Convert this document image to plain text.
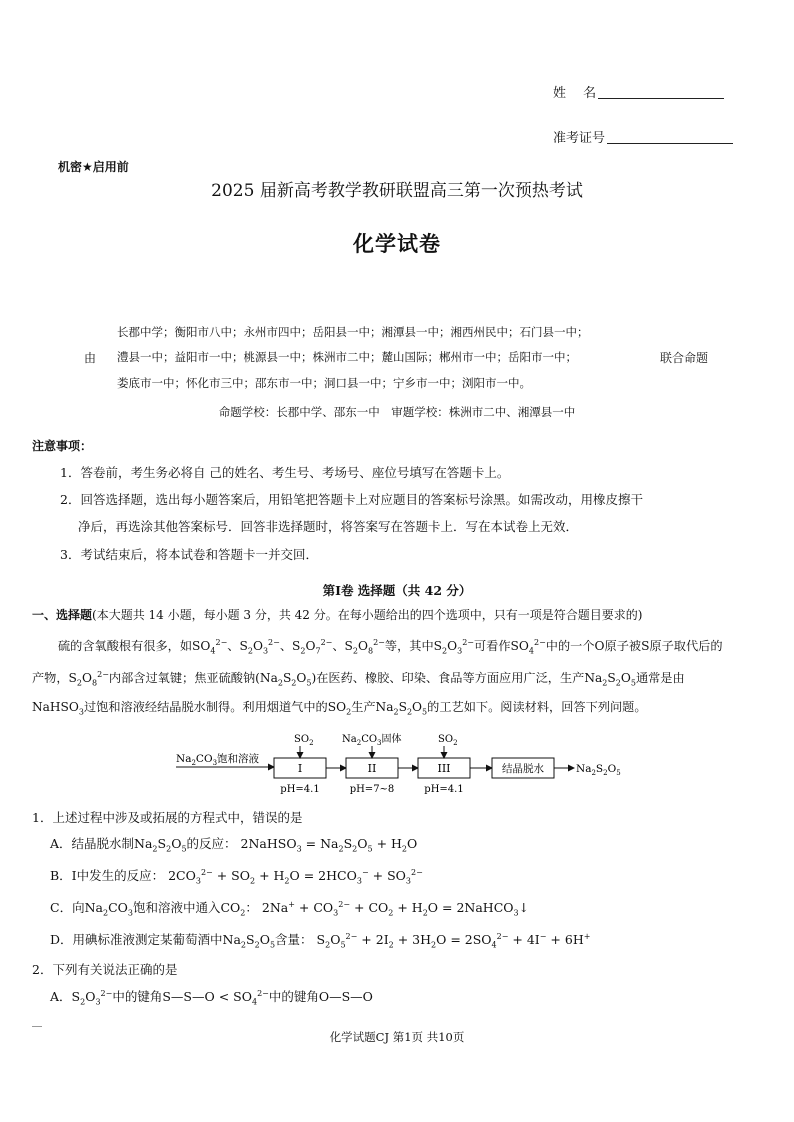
姓　 名
准考证号
机密★启用前
2025 届新高考教学教研联盟高三第一次预热考试
化学试卷
长郡中学；衡阳市八中；永州市四中；岳阳县一中；湘潭县一中；湘西州民中；石门县一中；
由 澧县一中；益阳市一中；桃源县一中；株洲市二中；麓山国际；郴州市一中；岳阳市一中；	联合命题
娄底市一中；怀化市三中；邵东市一中；洞口县一中；宁乡市一中；浏阳市一中。
命题学校：长郡中学、邵东一中　审题学校：株洲市二中、湘潭县一中
注意事项：
1．答卷前，考生务必将自 己的姓名、考生号、考场号、座位号填写在答题卡上。
2．回答选择题，选出每小题答案后，用铅笔把答题卡上对应题目的答案标号涂黑。如需改动，用橡皮擦干
净后，再选涂其他答案标号．回答非选择题时，将答案写在答题卡上．写在本试卷上无效．
3．考试结束后，将本试卷和答题卡一并交回．
第Ⅰ卷 选择题（共 42 分）
一、选择题(本大题共 14 小题，每小题 3 分，共 42 分。在每小题给出的四个选项中，只有一项是符合题目要求的)
硫的含氧酸根有很多，如$SO_4^{2-}$、$S_2O_3^{2-}$、$S_2O_7^{2-}$、$S_2O_8^{2-}$等，其中$S_2O_3^{2-}$可看作$SO_4^{2-}$中的一个O原子被S原子取代后的
产物，$S_2O_8^{2-}$内部含过氧键；焦亚硫酸钠$(Na_2S_2O_5)$在医药、橡胶、印染、食品等方面应用广泛，生产$Na_2S_2O_5$通常是由
NaHSO$_3$过饱和溶液经结晶脱水制得。利用烟道气中的$SO_2$生产$Na_2S_2O_5$的工艺如下。阅读材料，回答下列问题。
$Na_2CO_3$饱和溶液
I	II	III	结晶脱水	$Na_2S_2O_5$
$SO_2$	$Na_2CO_3$固体	$SO_2$
pH=4.1	pH=7~8	pH=4.1
1．上述过程中涉及或拓展的方程式中，错误的是
A．结晶脱水制$Na_2S_2O_5$的反应： 2NaHSO$_3$ = $Na_2S_2O_5 + H_2O$
B．Ⅰ中发生的反应： $2CO_3^{2-} + SO_2 + H_2O = 2HCO_3^- + SO_3^{2-}$
C．向$Na_2CO_3$饱和溶液中通入$CO_2$： $2Na^+ + CO_3^{2-} + CO_2 + H_2O$ = 2NaHCO$_3$↓
D．用碘标准液测定某葡萄酒中$Na_2S_2O_5$含量： $S_2O_5^{2-} + 2I_2 + 3H_2O = 2SO_4^{2-} + 4I^- + 6H^+$
2．下列有关说法正确的是
A．$S_2O_3^{2-}$中的键角S—S—O < $SO_4^{2-}$中的键角O—S—O
化学试题CJ 第1页 共10页
